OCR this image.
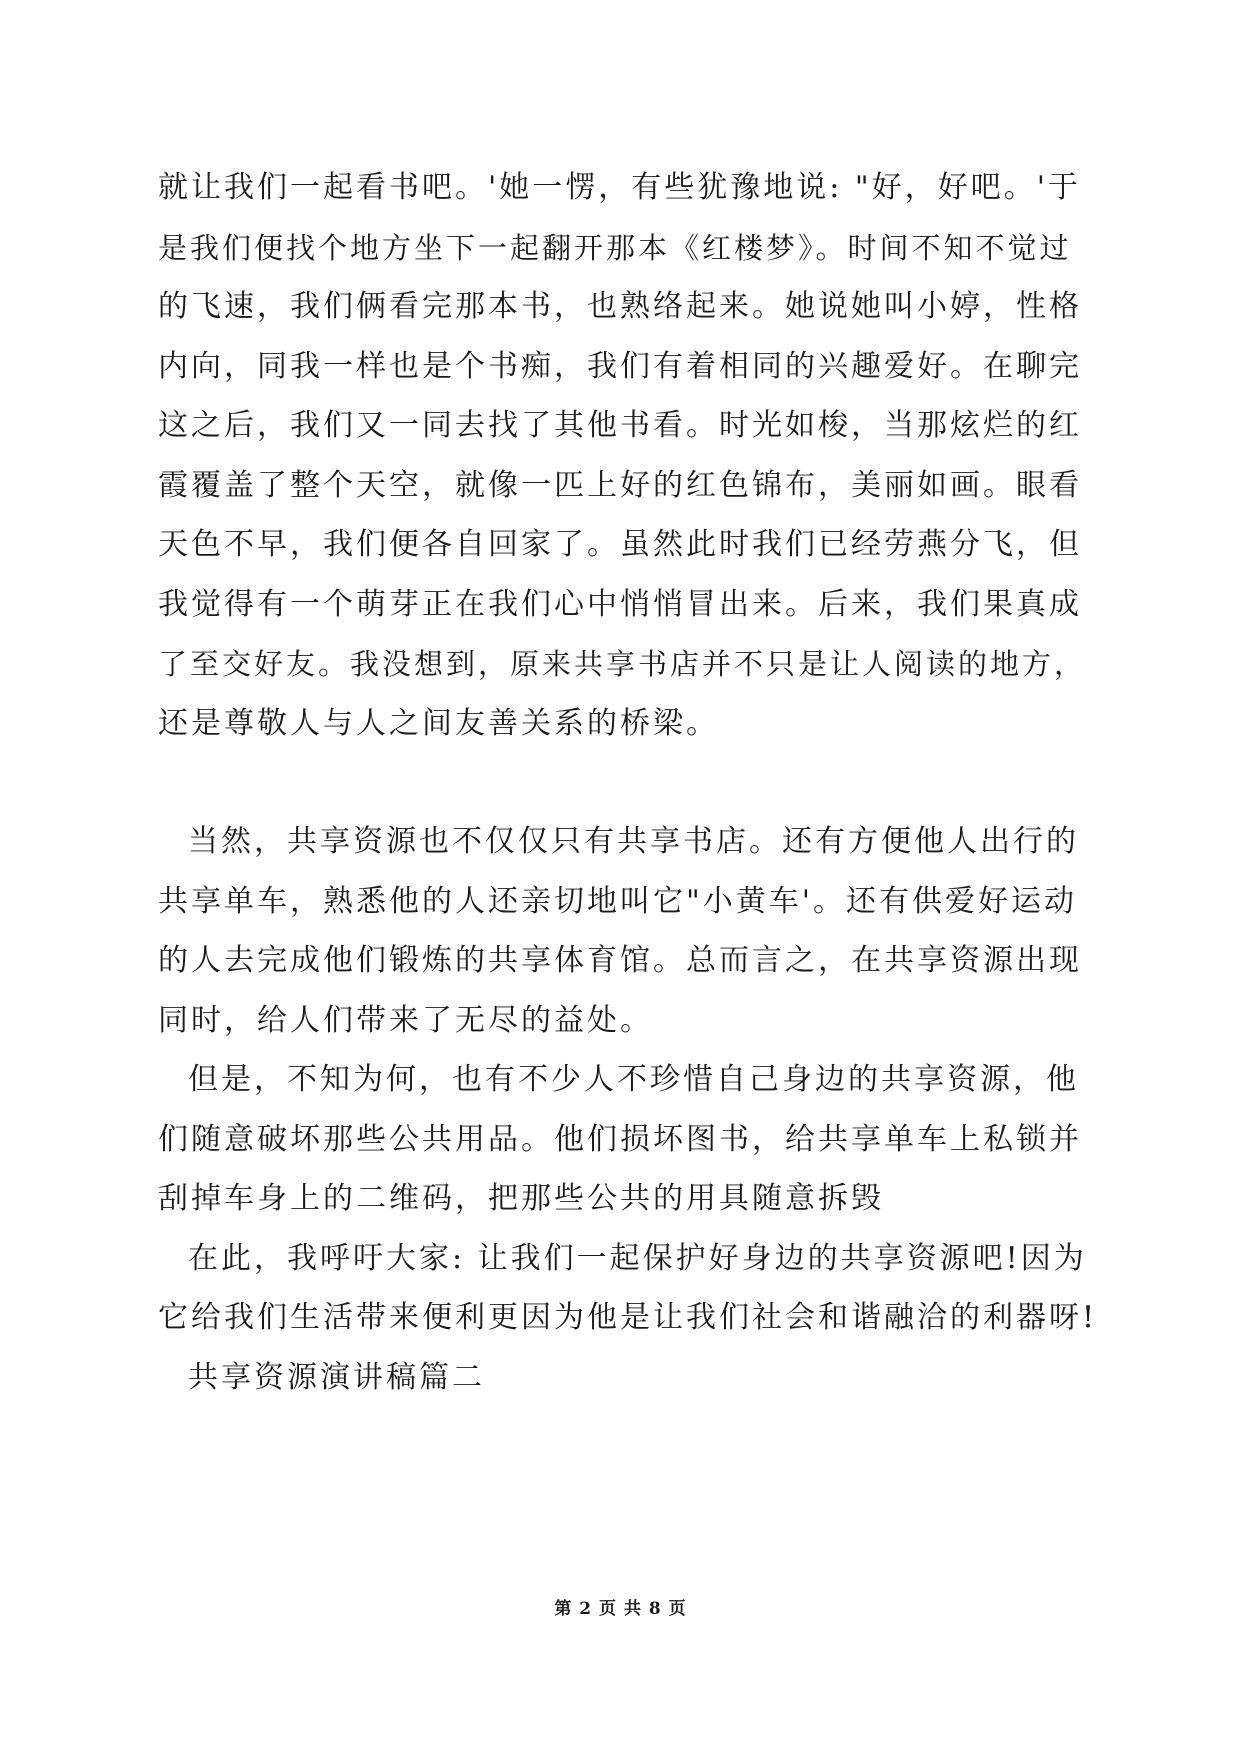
就让我们一起看书吧。'她一愣，有些犹豫地说: "好，好吧。'于
是我们便找个地方坐下一起翻开那本《红楼梦》。时间不知不觉过
的飞速，我们俩看完那本书，也熟络起来。她说她叫小婷，性格
内向，同我一样也是个书痴，我们有着相同的兴趣爱好。在聊完
这之后，我们又一同去找了其他书看。时光如梭，当那炫烂的红
霞覆盖了整个天空，就像一匹上好的红色锦布，美丽如画。眼看
天色不早，我们便各自回家了。虽然此时我们已经劳燕分飞，但
我觉得有一个萌芽正在我们心中悄悄冒出来。后来，我们果真成
了至交好友。我没想到，原来共享书店并不只是让人阅读的地方，
还是尊敬人与人之间友善关系的桥梁。
当然，共享资源也不仅仅只有共享书店。还有方便他人出行的
共享单车，熟悉他的人还亲切地叫它"小黄车'。还有供爱好运动
的人去完成他们锻炼的共享体育馆。总而言之，在共享资源出现
同时，给人们带来了无尽的益处。
但是，不知为何，也有不少人不珍惜自己身边的共享资源，他
们随意破坏那些公共用品。他们损坏图书，给共享单车上私锁并
刮掉车身上的二维码，把那些公共的用具随意拆毁
在此，我呼吁大家: 让我们一起保护好身边的共享资源吧!因为
它给我们生活带来便利更因为他是让我们社会和谐融洽的利器呀!
共享资源演讲稿篇二
第 2 页 共 8 页
